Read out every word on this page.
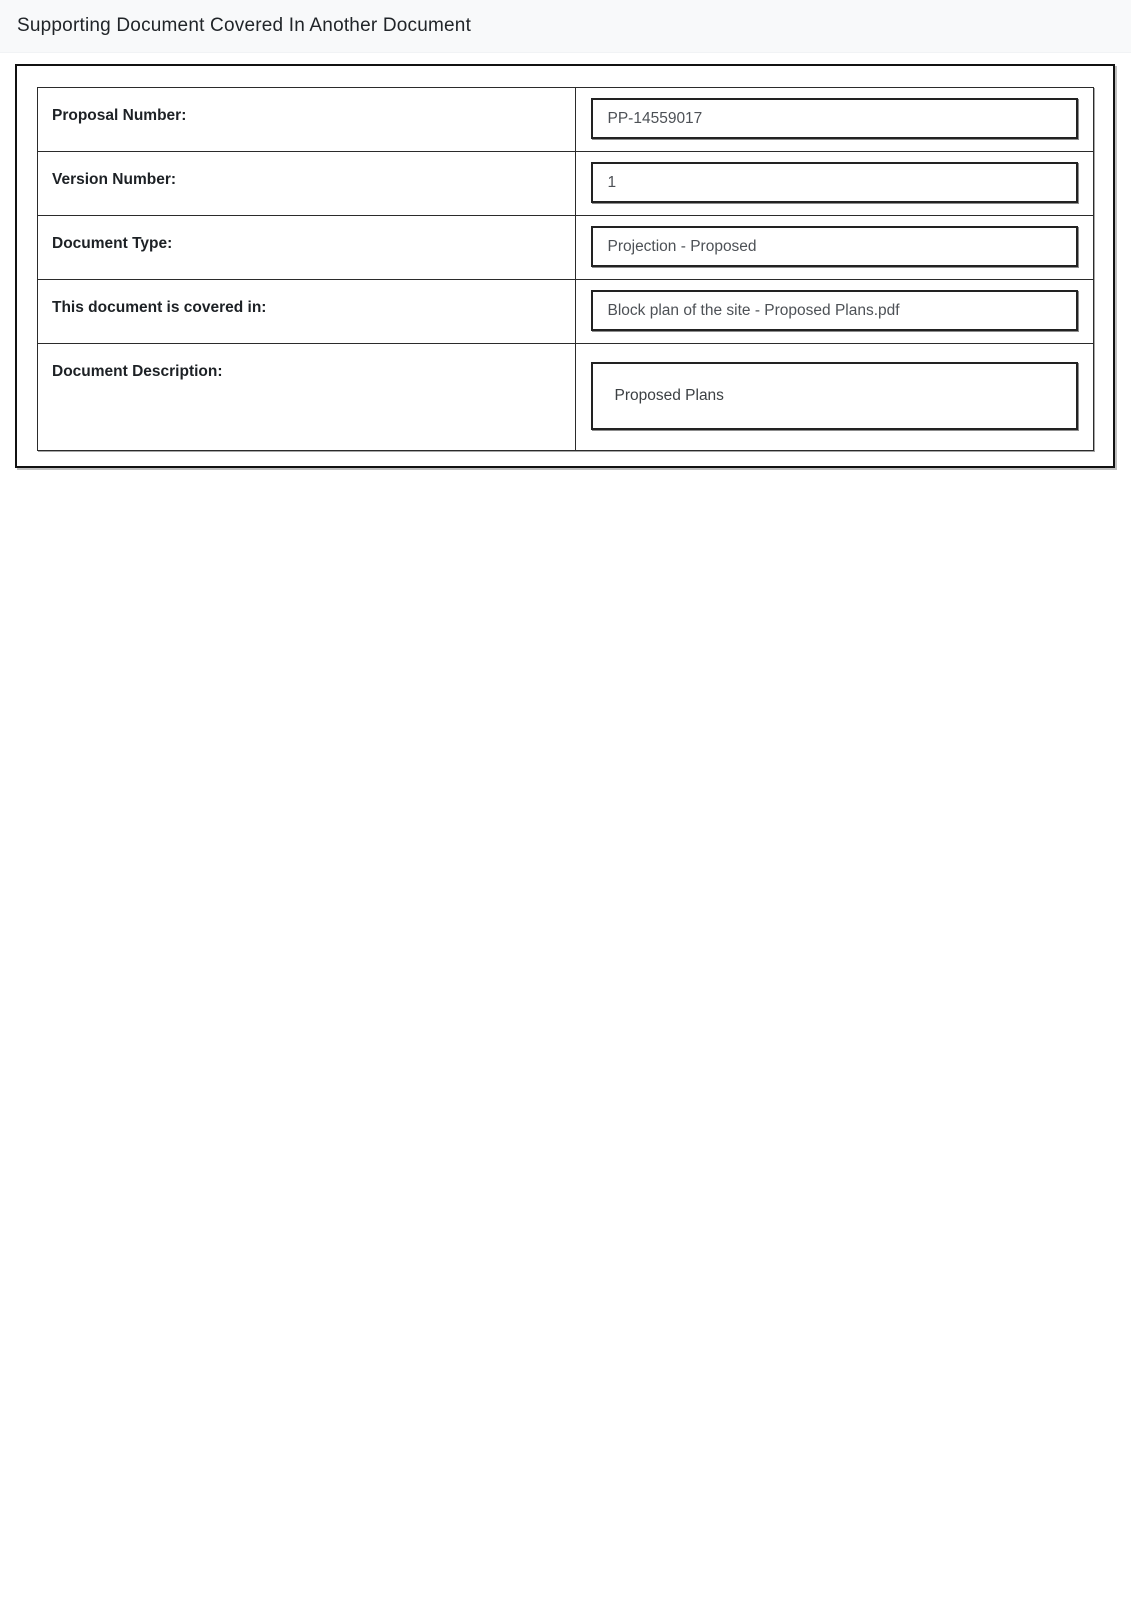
Supporting Document Covered In Another Document
Proposal Number:	PP-14559017

Version Number:	1

Document Type:	Projection - Proposed

This document is covered in:	Block plan of the site - Proposed Plans.pdf

Document Description:	Proposed Plans
